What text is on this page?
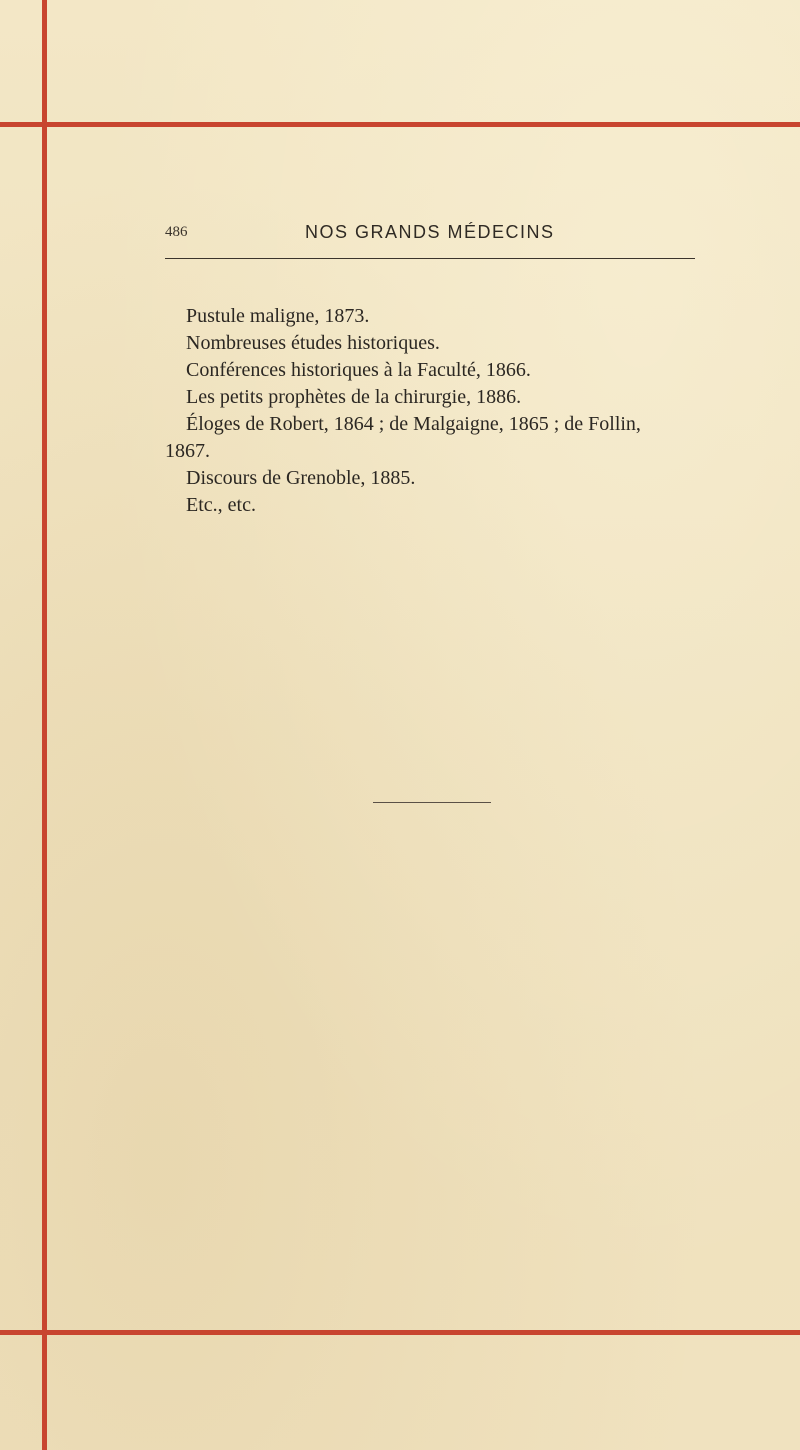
486	NOS GRANDS MÉDECINS
Pustule maligne, 1873.
Nombreuses études historiques.
Conférences historiques à la Faculté, 1866.
Les petits prophètes de la chirurgie, 1886.
Éloges de Robert, 1864 ; de Malgaigne, 1865 ; de Follin,
1867.
Discours de Grenoble, 1885.
Etc., etc.
